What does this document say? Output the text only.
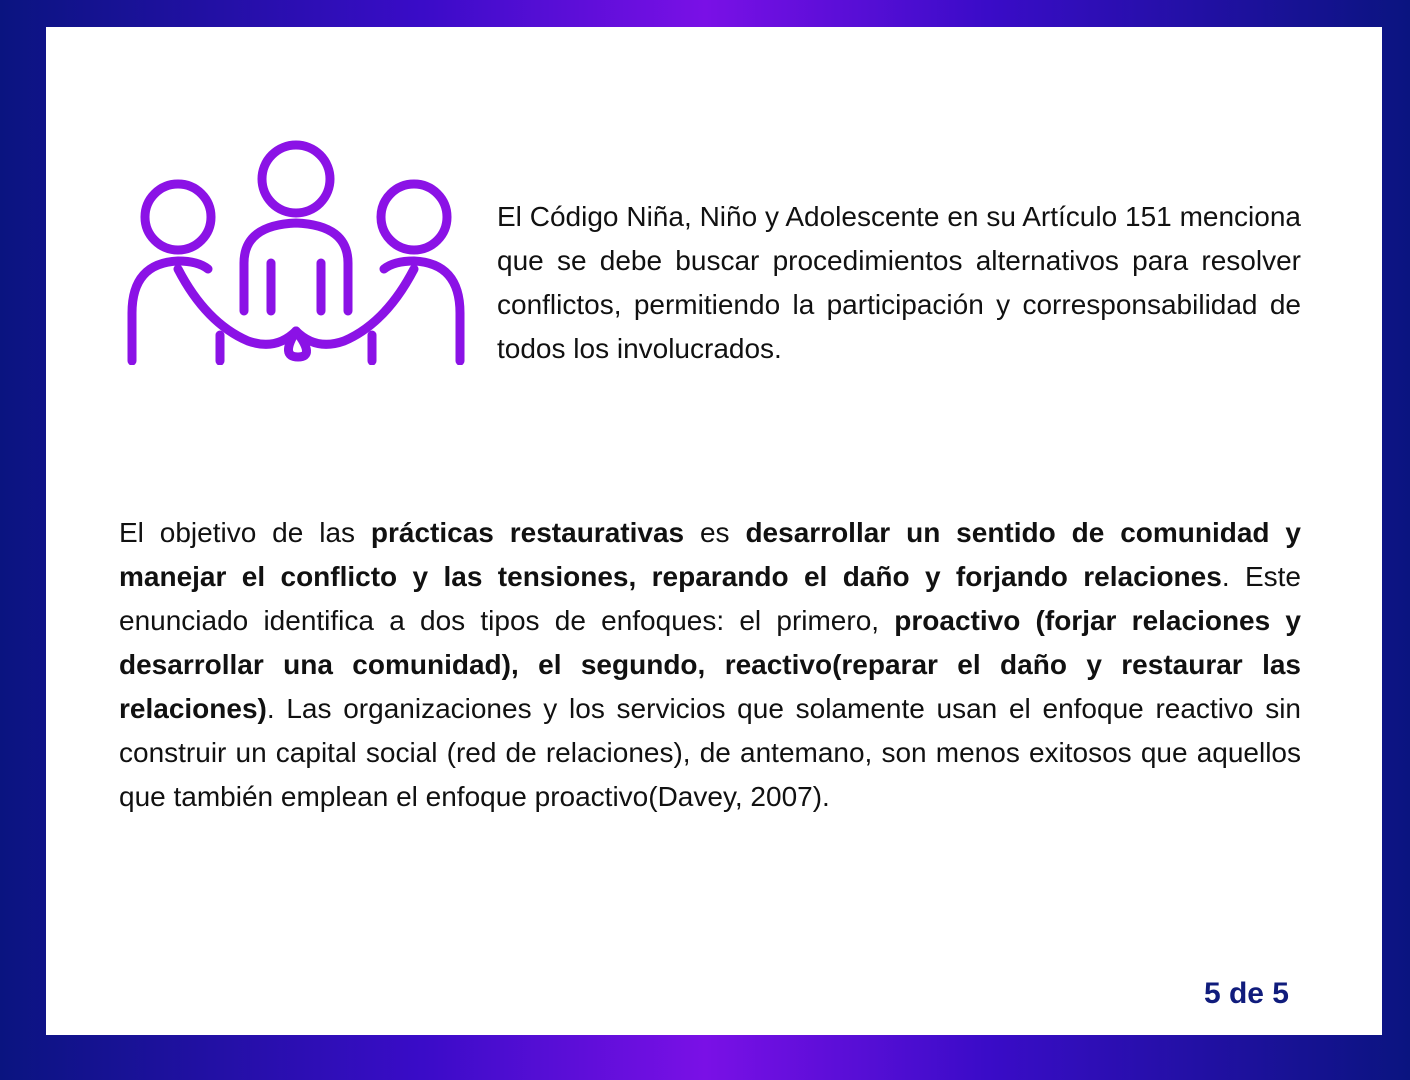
El Código Niña, Niño y Adolescente en su Artículo 151 menciona que se debe buscar procedimientos alternativos para resolver conflictos, permitiendo la participación y corresponsabilidad de todos los involucrados.

El objetivo de las prácticas restaurativas es desarrollar un sentido de comunidad y manejar el conflicto y las tensiones, reparando el daño y forjando relaciones. Este enunciado identifica a dos tipos de enfoques: el primero, proactivo (forjar relaciones y desarrollar una comunidad), el segundo, reactivo(reparar el daño y restaurar las relaciones). Las organizaciones y los servicios que solamente usan el enfoque reactivo sin construir un capital social (red de relaciones), de antemano, son menos exitosos que aquellos que también emplean el enfoque proactivo(Davey, 2007).

5 de 5
